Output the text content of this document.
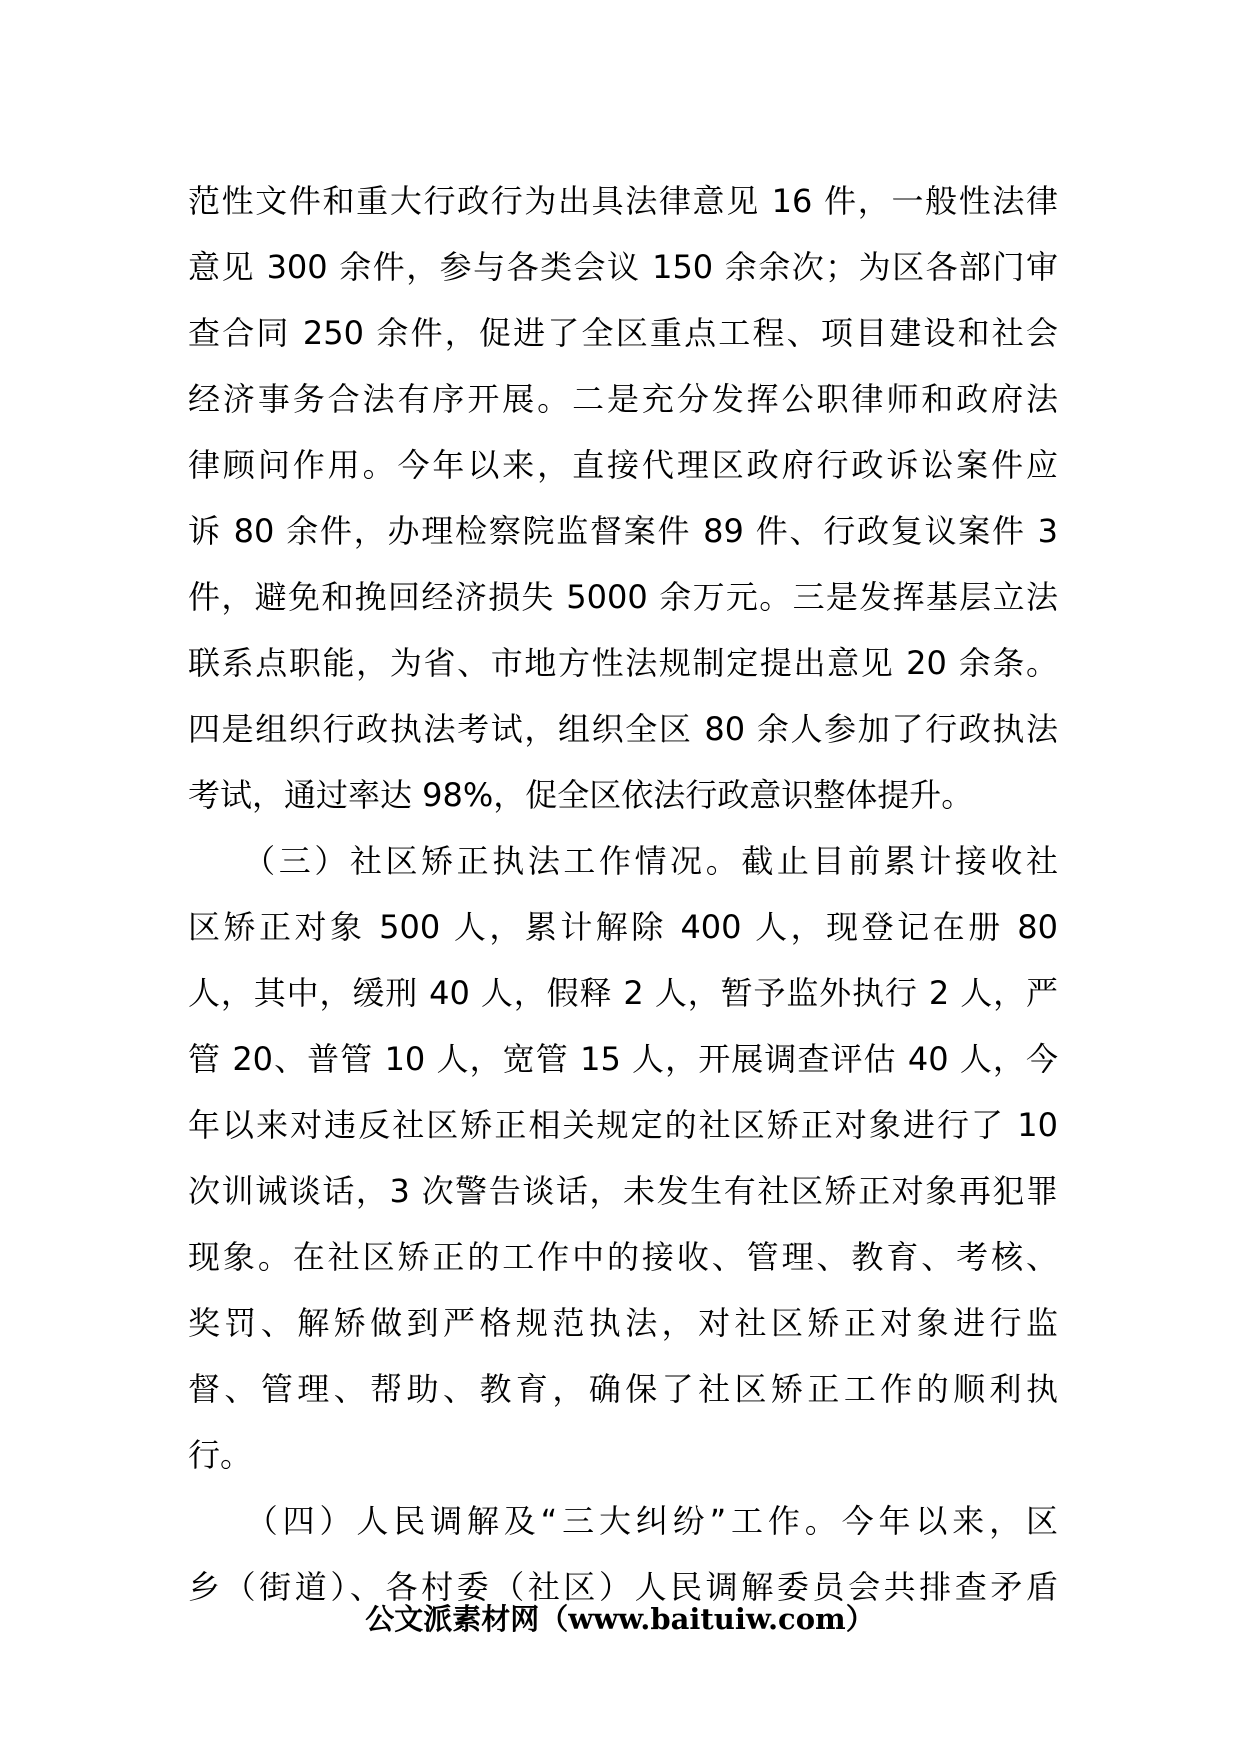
范性文件和重大行政行为出具法律意见 16 件，一般性法律
意见 300 余件，参与各类会议 150 余余次；为区各部门审
查合同 250 余件，促进了全区重点工程、项目建设和社会
经济事务合法有序开展。二是充分发挥公职律师和政府法
律顾问作用。今年以来，直接代理区政府行政诉讼案件应
诉 80 余件，办理检察院监督案件 89 件、行政复议案件 3
件，避免和挽回经济损失 5000 余万元。三是发挥基层立法
联系点职能，为省、市地方性法规制定提出意见 20 余条。
四是组织行政执法考试，组织全区 80 余人参加了行政执法
考试，通过率达 98%，促全区依法行政意识整体提升。
　　（三）社区矫正执法工作情况。截止目前累计接收社
区矫正对象 500 人，累计解除 400 人，现登记在册 80
人，其中，缓刑 40 人，假释 2 人，暂予监外执行 2 人，严
管 20、普管 10 人，宽管 15 人，开展调查评估 40 人，今
年以来对违反社区矫正相关规定的社区矫正对象进行了 10
次训诫谈话，3 次警告谈话，未发生有社区矫正对象再犯罪
现象。在社区矫正的工作中的接收、管理、教育、考核、
奖罚、解矫做到严格规范执法，对社区矫正对象进行监
督、管理、帮助、教育，确保了社区矫正工作的顺利执
行。
　　（四）人民调解及“三大纠纷”工作。今年以来，区
乡（街道）、各村委（社区）人民调解委员会共排查矛盾
公文派素材网（www.baituiw.com）
